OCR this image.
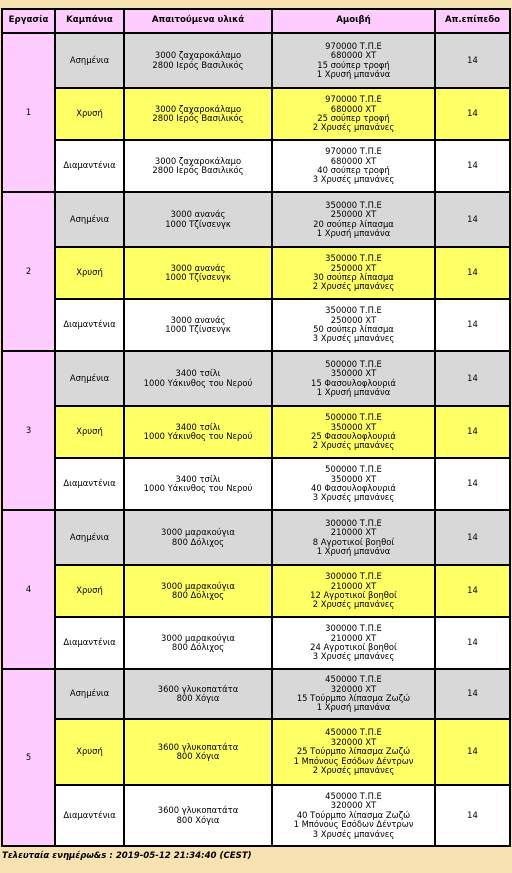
Εργασία	Καμπάνια	Απαιτούμενα υλικά	Αμοιβή	Απ.επίπεδο
1	Ασημένια	3000 ζαχαροκάλαμο
2800 Ιερός Βασιλικός	970000 Τ.Π.Ε
680000 ΧΤ
15 σούπερ τροφή
1 Χρυσή μπανάνα	14
	Χρυσή	3000 ζαχαροκάλαμο
2800 Ιερός Βασιλικός	970000 Τ.Π.Ε
680000 ΧΤ
25 σούπερ τροφή
2 Χρυσές μπανάνες	14
	Διαμαντένια	3000 ζαχαροκάλαμο
2800 Ιερός Βασιλικός	970000 Τ.Π.Ε
680000 ΧΤ
40 σούπερ τροφή
3 Χρυσές μπανάνες	14
2	Ασημένια	3000 ανανάς
1000 Τζίνσενγκ	350000 Τ.Π.Ε
250000 ΧΤ
20 σούπερ λίπασμα
1 Χρυσή μπανάνα	14
	Χρυσή	3000 ανανάς
1000 Τζίνσενγκ	350000 Τ.Π.Ε
250000 ΧΤ
30 σούπερ λίπασμα
2 Χρυσές μπανάνες	14
	Διαμαντένια	3000 ανανάς
1000 Τζίνσενγκ	350000 Τ.Π.Ε
250000 ΧΤ
50 σούπερ λίπασμα
3 Χρυσές μπανάνες	14
3	Ασημένια	3400 τσίλι
1000 Υάκινθος του Νερού	500000 Τ.Π.Ε
350000 ΧΤ
15 Φασουλοφλουριά
1 Χρυσή μπανάνα	14
	Χρυσή	3400 τσίλι
1000 Υάκινθος του Νερού	500000 Τ.Π.Ε
350000 ΧΤ
25 Φασουλοφλουριά
2 Χρυσές μπανάνες	14
	Διαμαντένια	3400 τσίλι
1000 Υάκινθος του Νερού	500000 Τ.Π.Ε
350000 ΧΤ
40 Φασουλοφλουριά
3 Χρυσές μπανάνες	14
4	Ασημένια	3000 μαρακούγια
800 Δόλιχος	300000 Τ.Π.Ε
210000 ΧΤ
8 Αγροτικοί βοηθοί
1 Χρυσή μπανάνα	14
	Χρυσή	3000 μαρακούγια
800 Δόλιχος	300000 Τ.Π.Ε
210000 ΧΤ
12 Αγροτικοί βοηθοί
2 Χρυσές μπανάνες	14
	Διαμαντένια	3000 μαρακούγια
800 Δόλιχος	300000 Τ.Π.Ε
210000 ΧΤ
24 Αγροτικοί βοηθοί
3 Χρυσές μπανάνες	14
5	Ασημένια	3600 γλυκοπατάτα
800 Χόγια	450000 Τ.Π.Ε
320000 ΧΤ
15 Τούρμπο λίπασμα Ζωζώ
1 Χρυσή μπανάνα	14
	Χρυσή	3600 γλυκοπατάτα
800 Χόγια	450000 Τ.Π.Ε
320000 ΧΤ
25 Τούρμπο λίπασμα Ζωζώ
1 Μπόνους Εσόδων Δέντρων
2 Χρυσές μπανάνες	14
	Διαμαντένια	3600 γλυκοπατάτα
800 Χόγια	450000 Τ.Π.Ε
320000 ΧΤ
40 Τούρμπο λίπασμα Ζωζώ
1 Μπόνους Εσόδων Δέντρων
3 Χρυσές μπανάνες	14
Τελευταία ενημέρω&s : 2019-05-12 21:34:40 (CEST)
